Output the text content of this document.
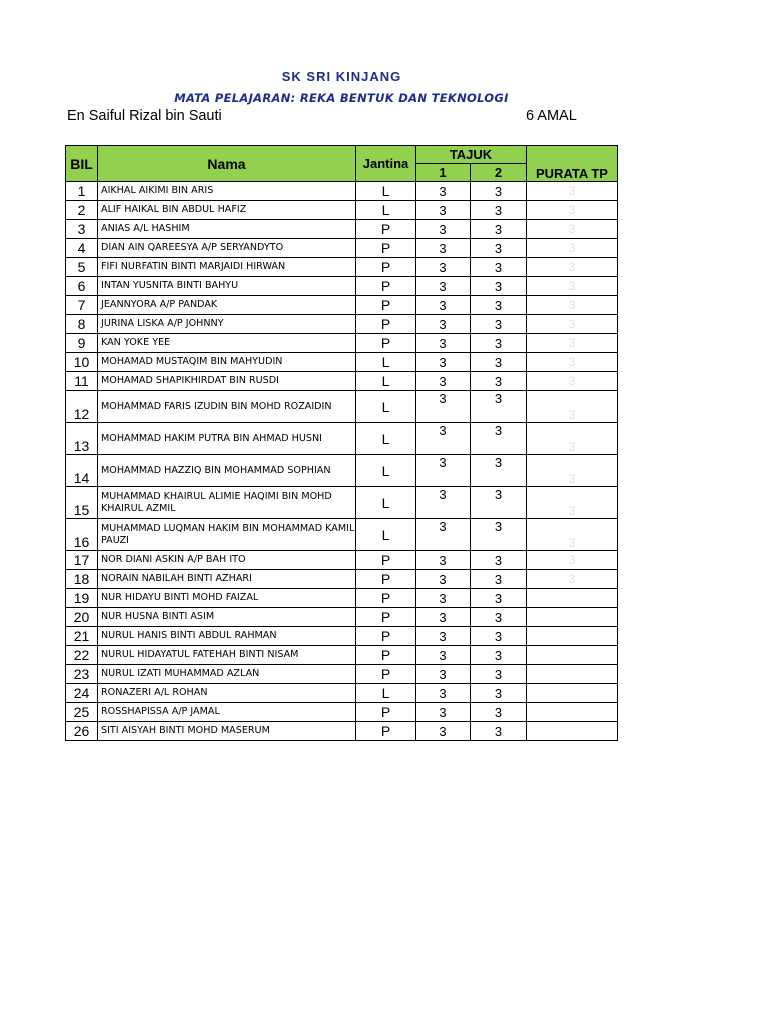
SK SRI KINJANG
MATA PELAJARAN: REKA BENTUK DAN TEKNOLOGI
En Saiful Rizal bin Sauti	6 AMAL
BIL	Nama	Jantina	TAJUK		PURATA TP
			1	2	
1	AIKHAL AIKIMI BIN ARIS	L	3	3	3
2	ALIF HAIKAL BIN ABDUL HAFIZ	L	3	3	3
3	ANIAS A/L HASHIM	P	3	3	3
4	DIAN AIN QAREESYA A/P SERYANDYTO	P	3	3	3
5	FIFI NURFATIN BINTI MARJAIDI HIRWAN	P	3	3	3
6	INTAN YUSNITA BINTI BAHYU	P	3	3	3
7	JEANNYORA A/P PANDAK	P	3	3	3
8	JURINA LISKA A/P JOHNNY	P	3	3	3
9	KAN YOKE YEE	P	3	3	3
10	MOHAMAD MUSTAQIM BIN MAHYUDIN	L	3	3	3
11	MOHAMAD SHAPIKHIRDAT BIN RUSDI	L	3	3	3
12	MOHAMMAD FARIS IZUDIN BIN MOHD ROZAIDIN	L	3	3	3
13	MOHAMMAD HAKIM PUTRA BIN AHMAD HUSNI	L	3	3	3
14	MOHAMMAD HAZZIQ BIN MOHAMMAD SOPHIAN	L	3	3	3
15	MUHAMMAD KHAIRUL ALIMIE HAQIMI BIN MOHD KHAIRUL AZMIL	L	3	3	3
16	MUHAMMAD LUQMAN HAKIM BIN MOHAMMAD KAMIL PAUZI	L	3	3	3
17	NOR DIANI ASKIN A/P BAH ITO	P	3	3	3
18	NORAIN NABILAH BINTI AZHARI	P	3	3	3
19	NUR HIDAYU BINTI MOHD FAIZAL	P	3	3	
20	NUR HUSNA BINTI ASIM	P	3	3	
21	NURUL HANIS BINTI ABDUL RAHMAN	P	3	3	
22	NURUL HIDAYATUL FATEHAH BINTI NISAM	P	3	3	
23	NURUL IZATI MUHAMMAD AZLAN	P	3	3	
24	RONAZERI A/L ROHAN	L	3	3	
25	ROSSHAPISSA A/P JAMAL	P	3	3	
26	SITI AISYAH BINTI MOHD MASERUM	P	3	3	
